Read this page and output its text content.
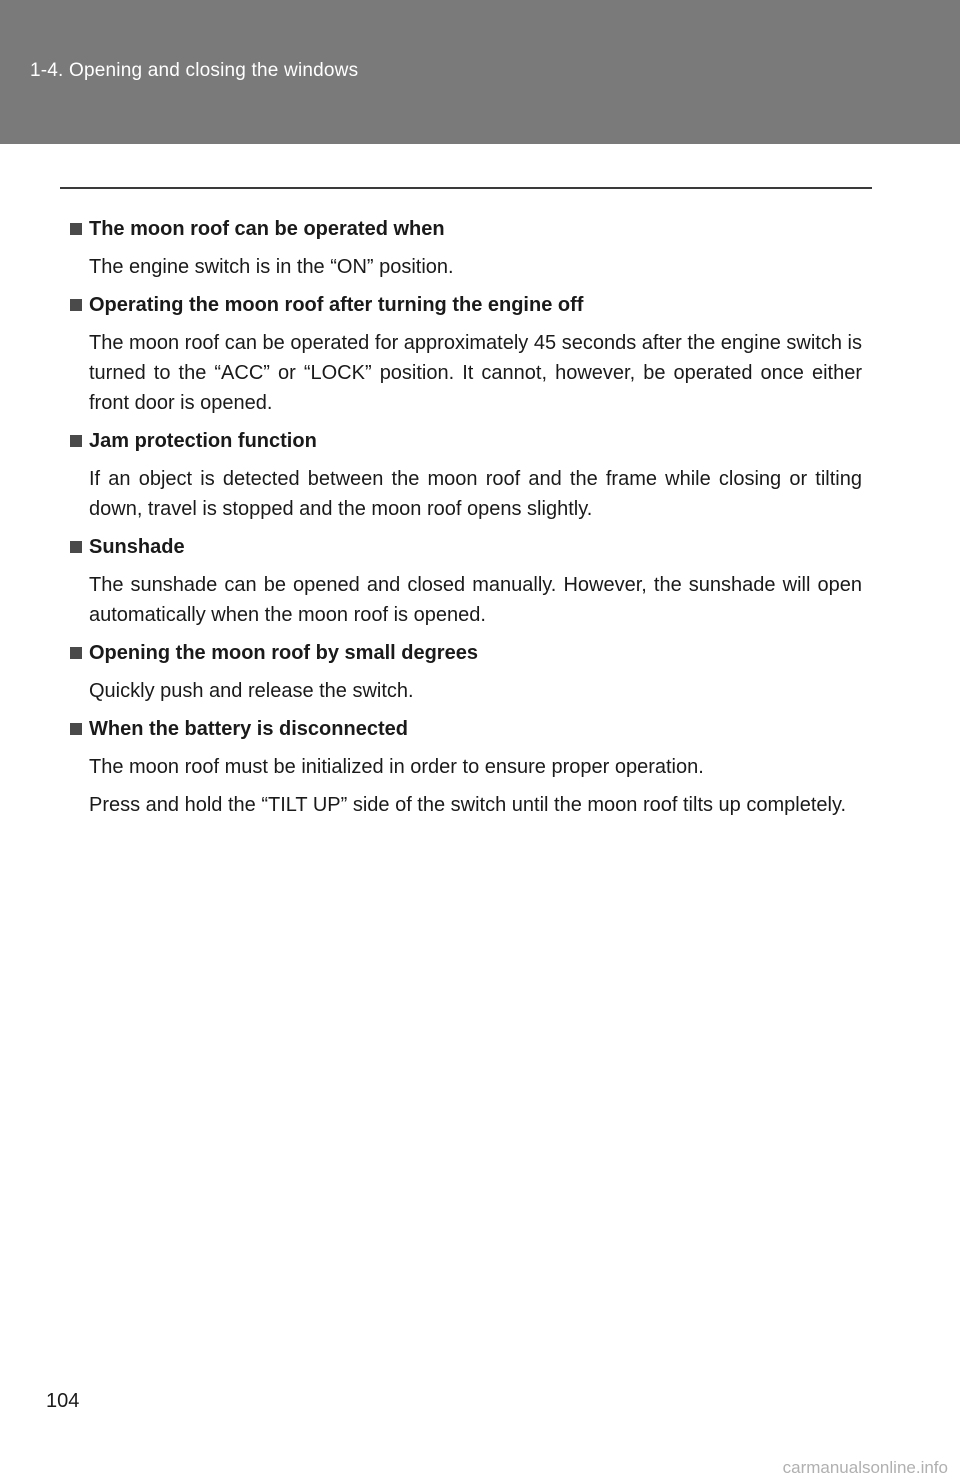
1-4. Opening and closing the windows
The moon roof can be operated when
The engine switch is in the “ON” position.
Operating the moon roof after turning the engine off
The moon roof can be operated for approximately 45 seconds after the engine switch is turned to the “ACC” or “LOCK” position. It cannot, however, be operated once either front door is opened.
Jam protection function
If an object is detected between the moon roof and the frame while closing or tilting down, travel is stopped and the moon roof opens slightly.
Sunshade
The sunshade can be opened and closed manually. However, the sunshade will open automatically when the moon roof is opened.
Opening the moon roof by small degrees
Quickly push and release the switch.
When the battery is disconnected
The moon roof must be initialized in order to ensure proper operation.
Press and hold the “TILT UP” side of the switch until the moon roof tilts up completely.
104
carmanualsonline.info
